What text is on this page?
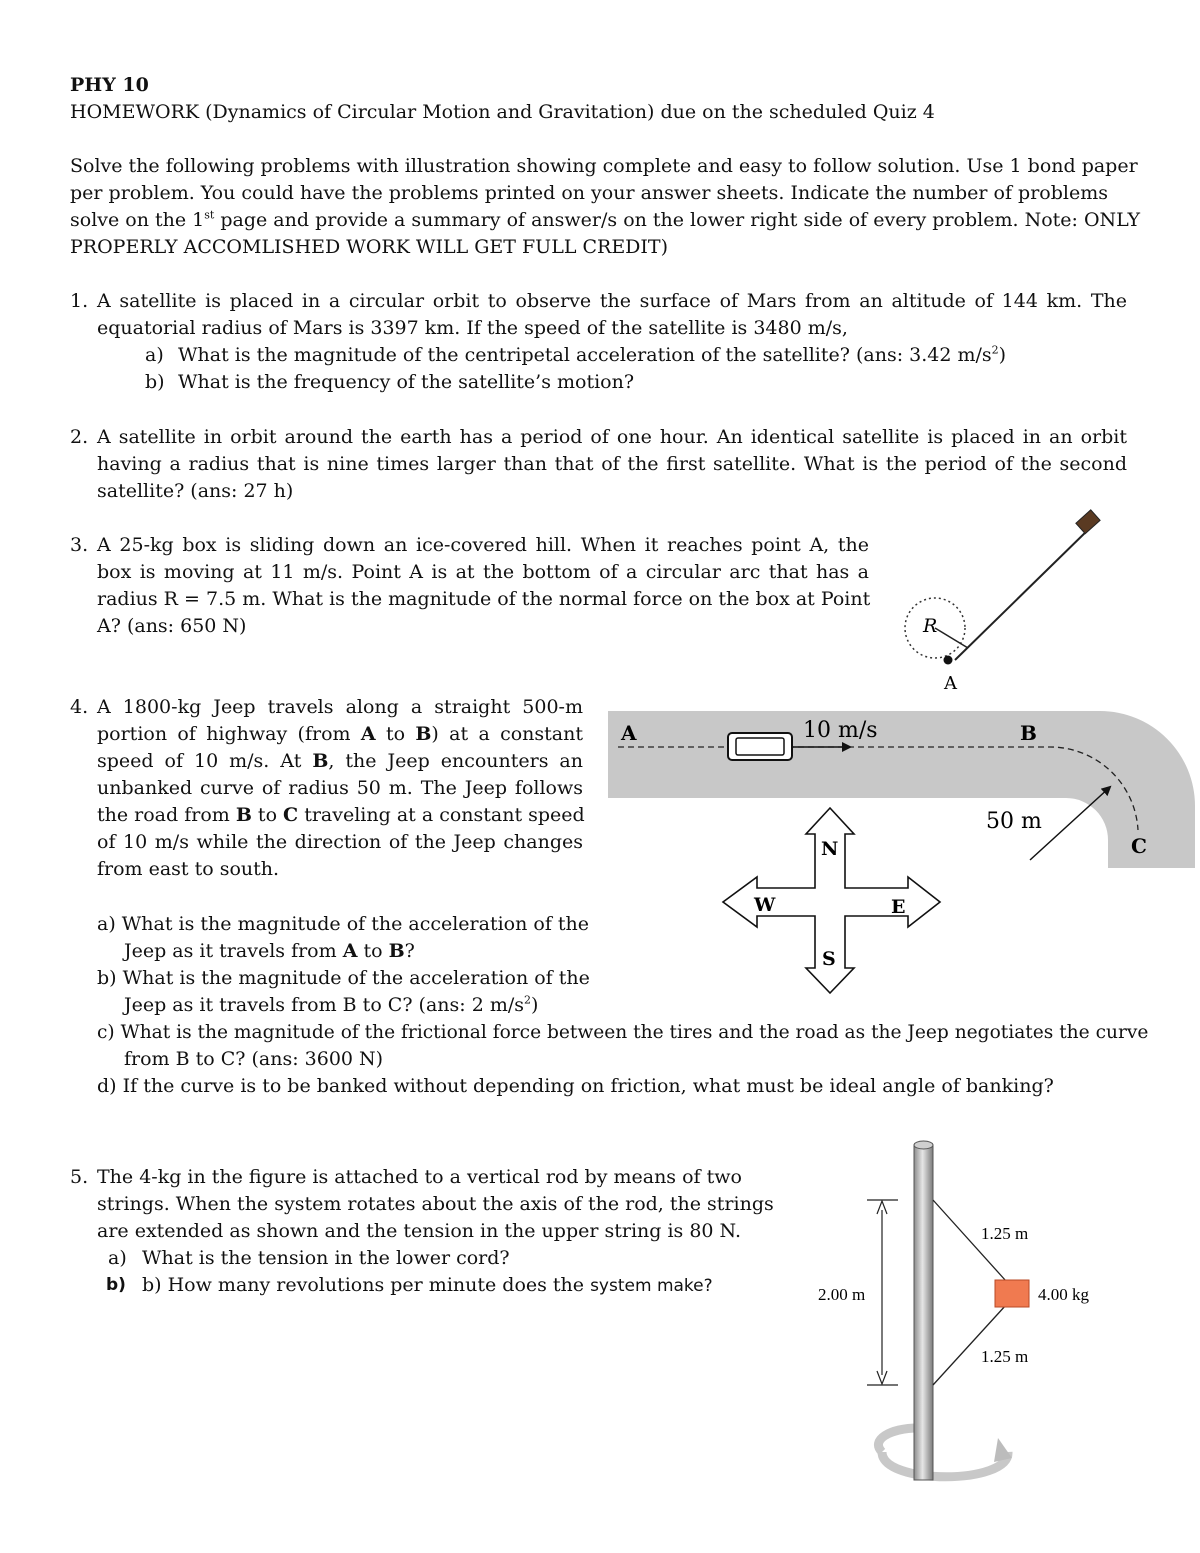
PHY 10
HOMEWORK (Dynamics of Circular Motion and Gravitation) due on the scheduled Quiz 4
Solve the following problems with illustration showing complete and easy to follow solution. Use 1 bond paper
per problem. You could have the problems printed on your answer sheets. Indicate the number of problems
solve on the 1st page and provide a summary of answer/s on the lower right side of every problem. Note: ONLY
PROPERLY ACCOMLISHED WORK WILL GET FULL CREDIT)
1. A satellite is placed in a circular orbit to observe the surface of Mars from an altitude of 144 km. The
equatorial radius of Mars is 3397 km. If the speed of the satellite is 3480 m/s,
a) What is the magnitude of the centripetal acceleration of the satellite? (ans: 3.42 $m/s^2$)
b) What is the frequency of the satellite’s motion?
2. A satellite in orbit around the earth has a period of one hour. An identical satellite is placed in an orbit
having a radius that is nine times larger than that of the first satellite. What is the period of the second
satellite? (ans: 27 h)
3. A 25-kg box is sliding down an ice-covered hill. When it reaches point A, the
box is moving at 11 m/s. Point A is at the bottom of a circular arc that has a
radius R = 7.5 m. What is the magnitude of the normal force on the box at Point
A? (ans: 650 N)
4. A 1800-kg Jeep travels along a straight 500-m
portion of highway (from A to B) at a constant
speed of 10 m/s. At B, the Jeep encounters an
unbanked curve of radius 50 m. The Jeep follows
the road from B to C traveling at a constant speed
of 10 m/s while the direction of the Jeep changes
from east to south.
a) What is the magnitude of the acceleration of the
Jeep as it travels from A to B?
b) What is the magnitude of the acceleration of the
Jeep as it travels from B to C? (ans: 2 $m/s^2$)
c) What is the magnitude of the frictional force between the tires and the road as the Jeep negotiates the curve
from B to C? (ans: 3600 N)
d) If the curve is to be banked without depending on friction, what must be ideal angle of banking?
5. The 4-kg in the figure is attached to a vertical rod by means of two
strings. When the system rotates about the axis of the rod, the strings
are extended as shown and the tension in the upper string is 80 N.
a) What is the tension in the lower cord?
b) b) How many revolutions per minute does the system make?
R
A
A	B
C
10 m/s
50 m
N
S
E
W
1.25 m
1.25 m
2.00 m	4.00 kg
